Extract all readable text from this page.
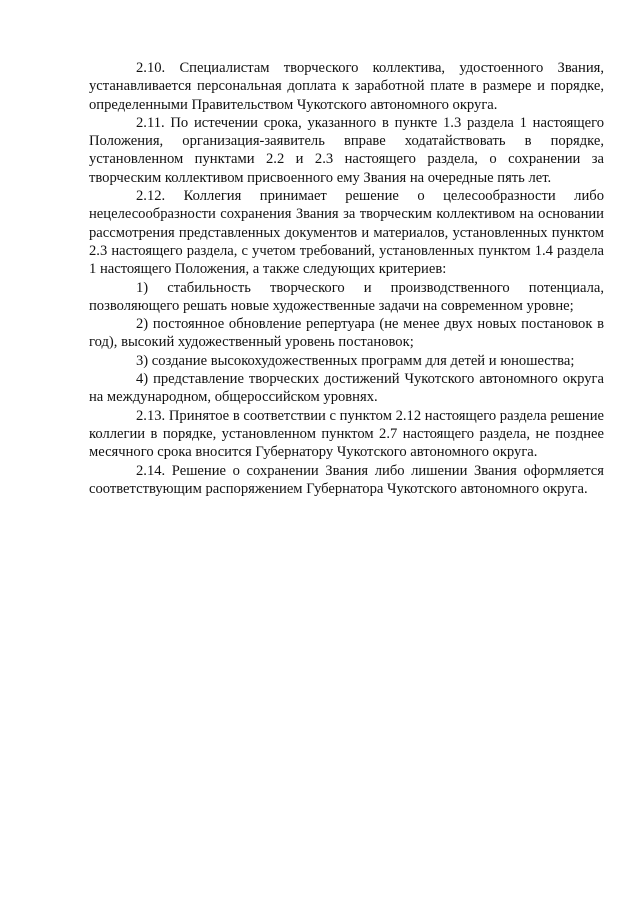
2.10. Специалистам творческого коллектива, удостоенного Звания, устанавливается персональная доплата к заработной плате в размере и порядке, определенными Правительством Чукотского автономного округа.

2.11. По истечении срока, указанного в пункте 1.3 раздела 1 настоящего Положения, организация-заявитель вправе ходатайствовать в порядке, установленном пунктами 2.2 и 2.3 настоящего раздела, о сохранении за творческим коллективом присвоенного ему Звания на очередные пять лет.

2.12. Коллегия принимает решение о целесообразности либо нецелесообразности сохранения Звания за творческим коллективом на основании рассмотрения представленных документов и материалов, установленных пунктом 2.3 настоящего раздела, с учетом требований, установленных пунктом 1.4 раздела 1 настоящего Положения, а также следующих критериев:

1) стабильность творческого и производственного потенциала, позволяющего решать новые художественные задачи на современном уровне;

2) постоянное обновление репертуара (не менее двух новых постановок в год), высокий художественный уровень постановок;

3) создание высокохудожественных программ для детей и юношества;

4) представление творческих достижений Чукотского автономного округа на международном, общероссийском уровнях.

2.13. Принятое в соответствии с пунктом 2.12 настоящего раздела решение коллегии в порядке, установленном пунктом 2.7 настоящего раздела, не позднее месячного срока вносится Губернатору Чукотского автономного округа.

2.14. Решение о сохранении Звания либо лишении Звания оформляется соответствующим распоряжением Губернатора Чукотского автономного округа.
